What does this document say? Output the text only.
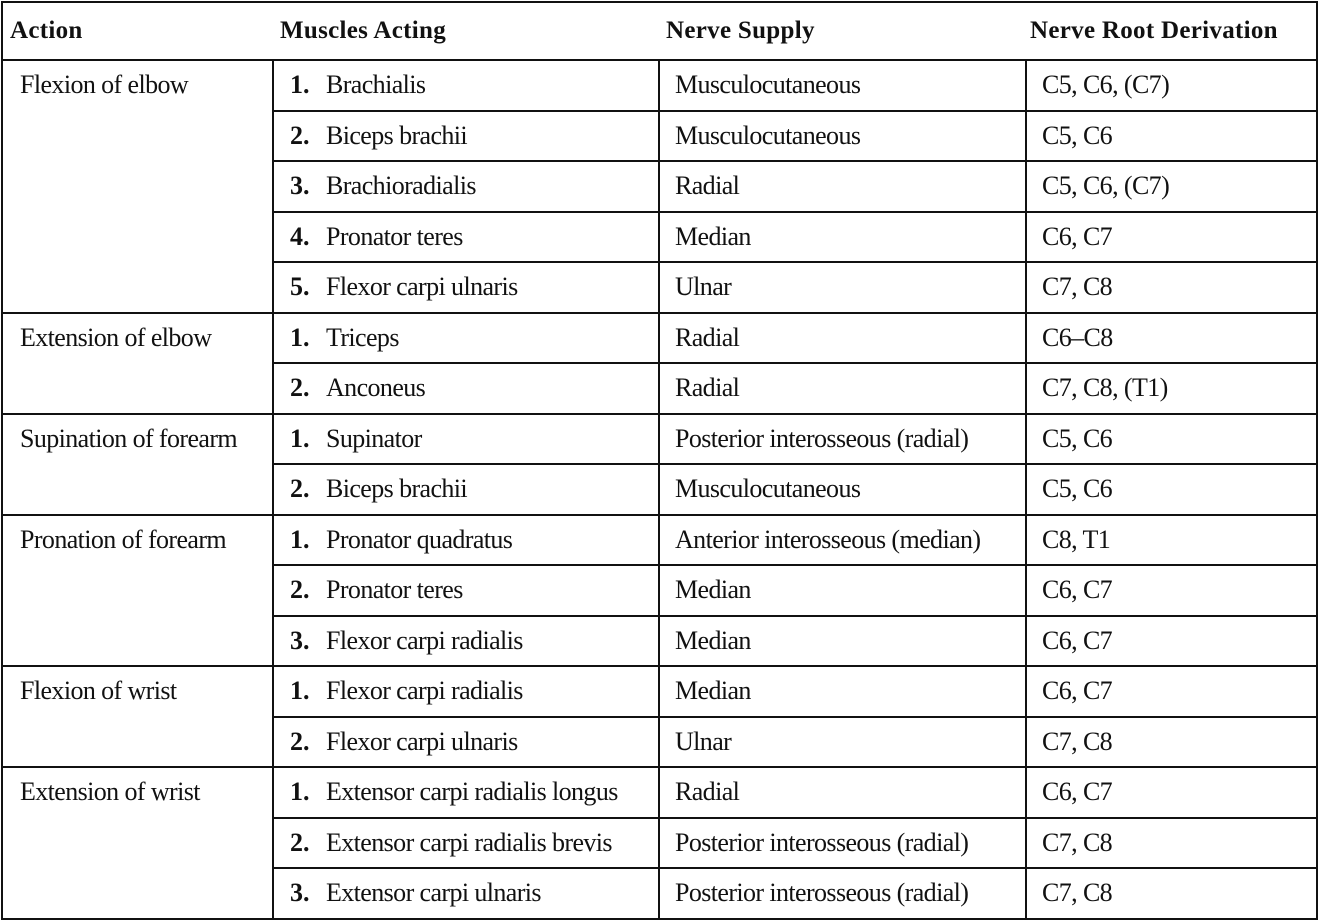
Action	Muscles Acting	Nerve Supply	Nerve Root Derivation
Flexion of elbow	1. Brachialis	Musculocutaneous	C5, C6, (C7)
	2. Biceps brachii	Musculocutaneous	C5, C6
	3. Brachioradialis	Radial	C5, C6, (C7)
	4. Pronator teres	Median	C6, C7
	5. Flexor carpi ulnaris	Ulnar	C7, C8
Extension of elbow	1. Triceps	Radial	C6–C8
	2. Anconeus	Radial	C7, C8, (T1)
Supination of forearm	1. Supinator	Posterior interosseous (radial)	C5, C6
	2. Biceps brachii	Musculocutaneous	C5, C6
Pronation of forearm	1. Pronator quadratus	Anterior interosseous (median)	C8, T1
	2. Pronator teres	Median	C6, C7
	3. Flexor carpi radialis	Median	C6, C7
Flexion of wrist	1. Flexor carpi radialis	Median	C6, C7
	2. Flexor carpi ulnaris	Ulnar	C7, C8
Extension of wrist	1. Extensor carpi radialis longus	Radial	C6, C7
	2. Extensor carpi radialis brevis	Posterior interosseous (radial)	C7, C8
	3. Extensor carpi ulnaris	Posterior interosseous (radial)	C7, C8
